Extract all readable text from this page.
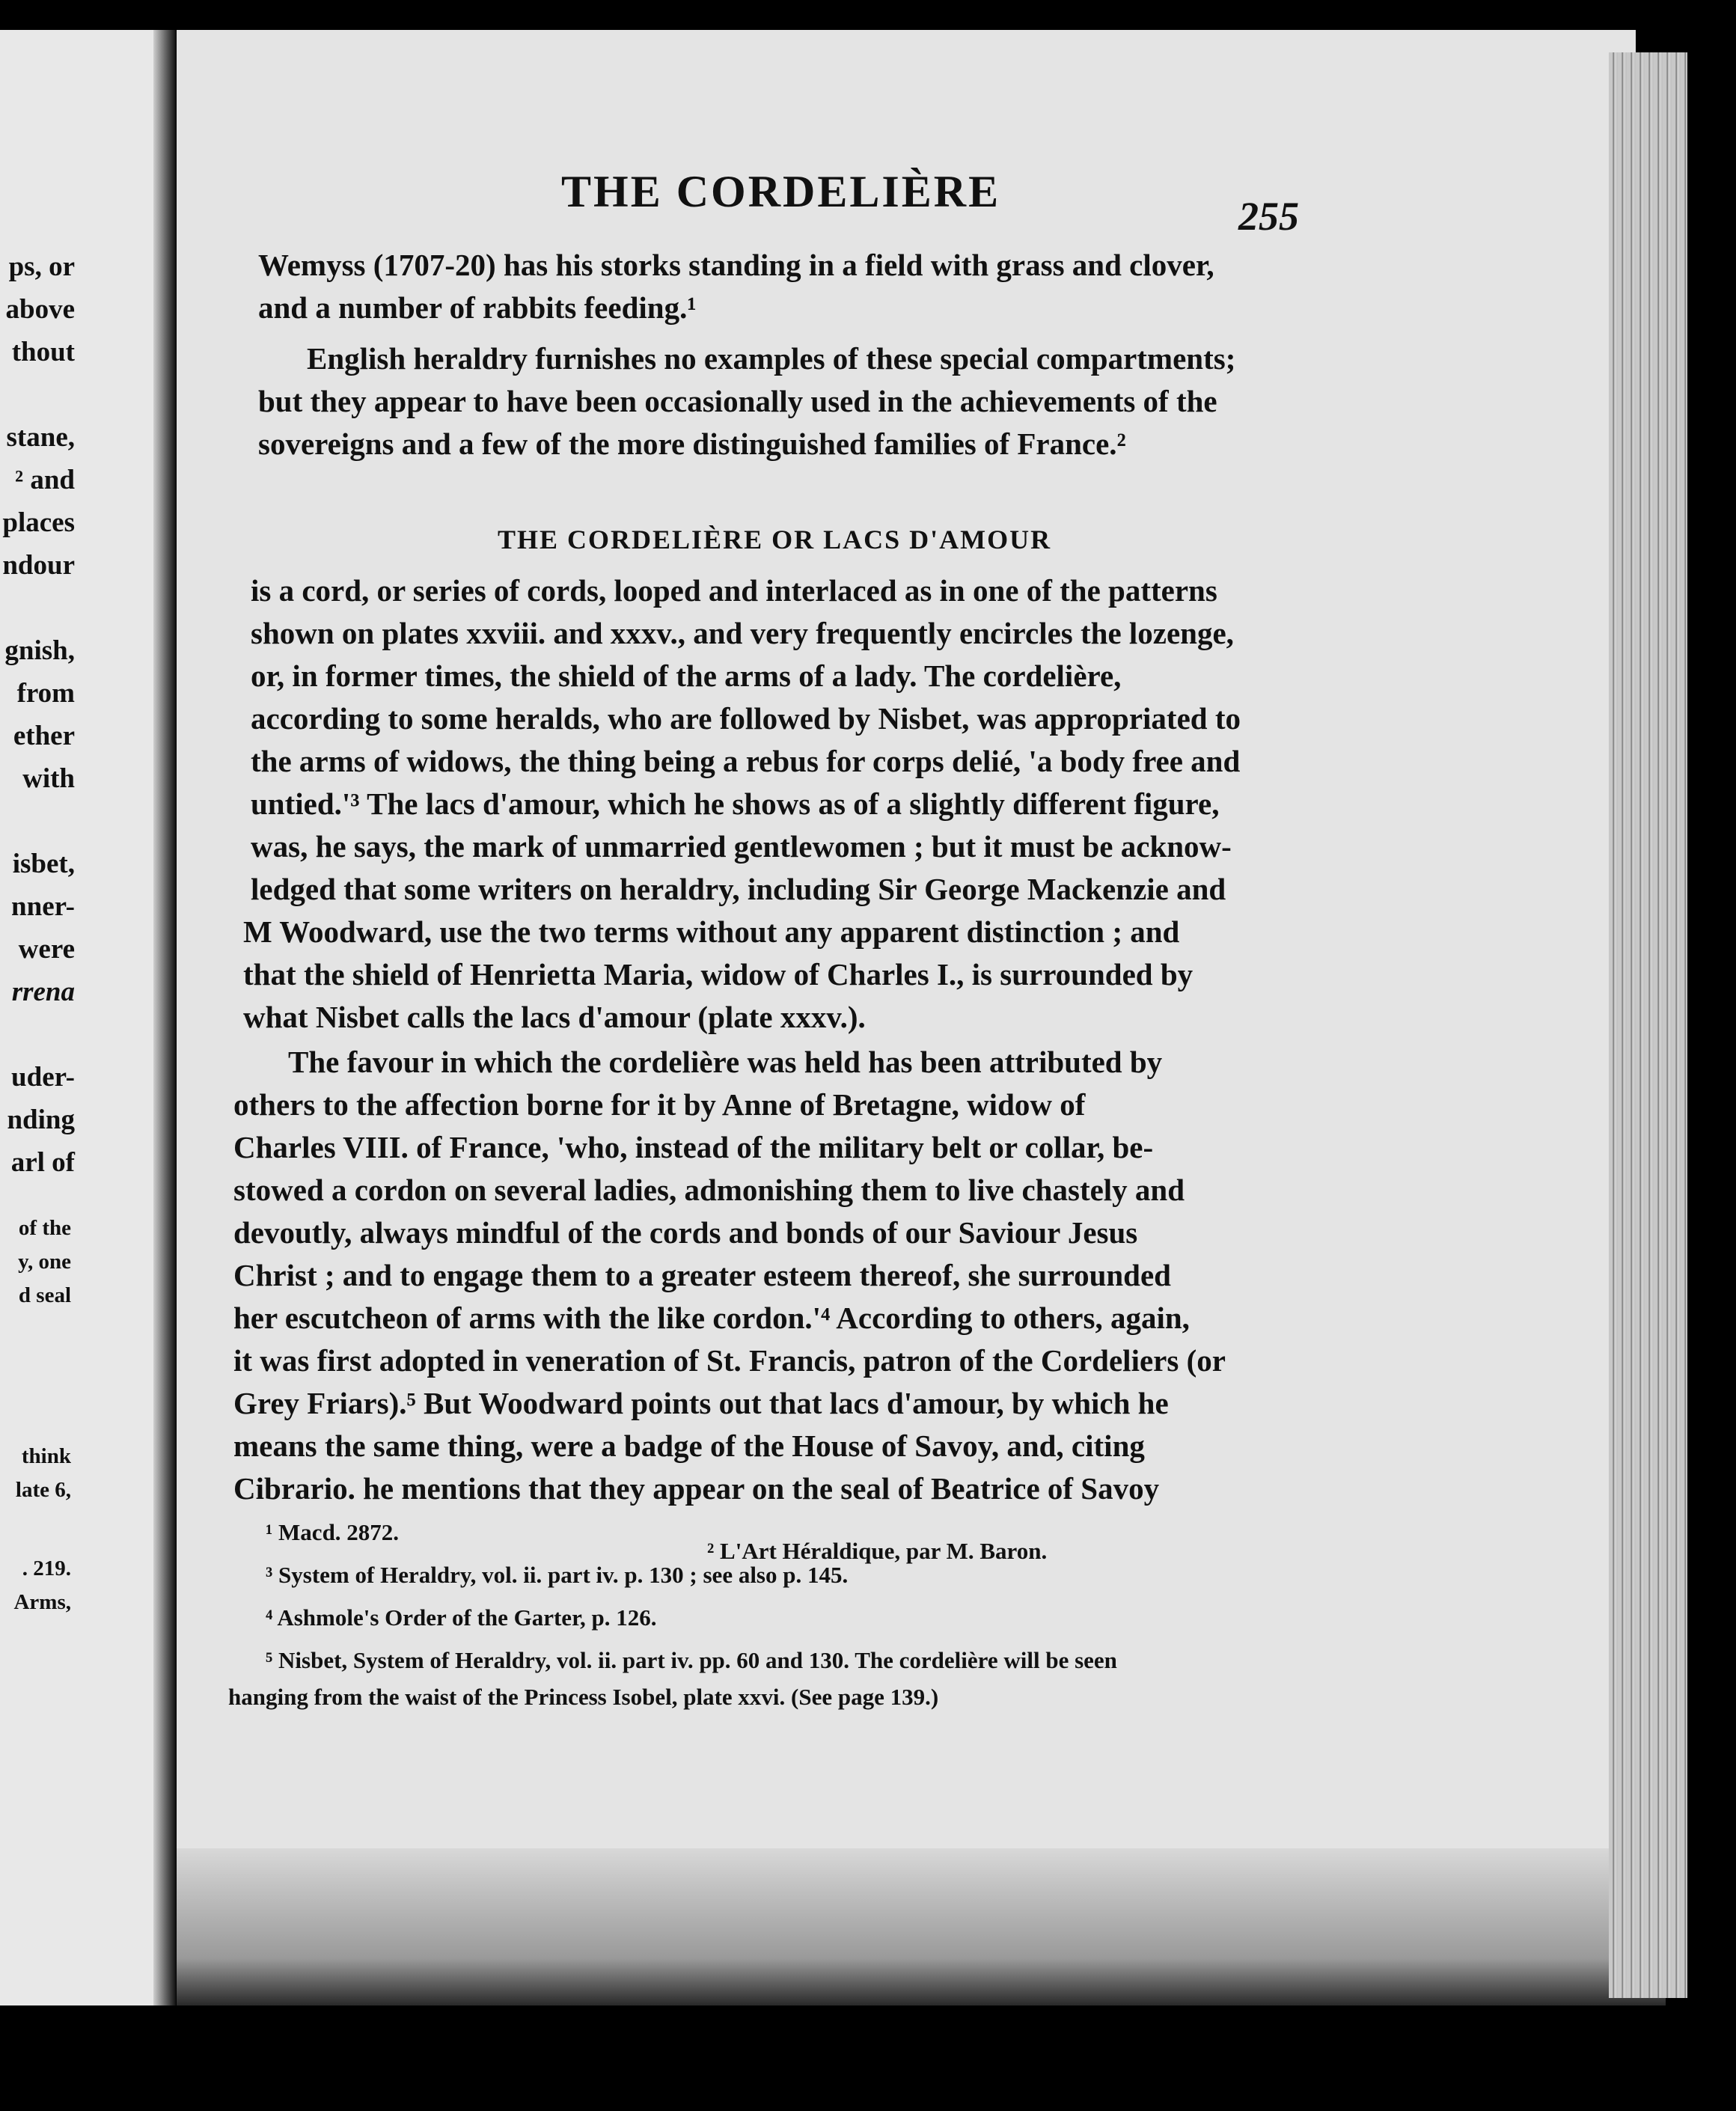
ps, or
above
thout
stane,
² and
places
ndour
gnish,
from
ether
with
isbet,
nner-
were
rrena
uder-
nding
arl of
of the
y, one
d seal
think
late 6,
. 219.
Arms,
THE CORDELIÈRE	255
Wemyss (1707-20) has his storks standing in a field with grass and clover,
and a number of rabbits feeding.¹
English heraldry furnishes no examples of these special compartments;
but they appear to have been occasionally used in the achievements of the
sovereigns and a few of the more distinguished families of France.²
THE CORDELIÈRE OR LACS D'AMOUR
is a cord, or series of cords, looped and interlaced as in one of the patterns
shown on plates xxviii. and xxxv., and very frequently encircles the lozenge,
or, in former times, the shield of the arms of a lady. The cordelière,
according to some heralds, who are followed by Nisbet, was appropriated to
the arms of widows, the thing being a rebus for corps delié, 'a body free and
untied.'³ The lacs d'amour, which he shows as of a slightly different figure,
was, he says, the mark of unmarried gentlewomen ; but it must be acknow-
ledged that some writers on heraldry, including Sir George Mackenzie and
M Woodward, use the two terms without any apparent distinction ; and
that the shield of Henrietta Maria, widow of Charles I., is surrounded by
what Nisbet calls the lacs d'amour (plate xxxv.).
The favour in which the cordelière was held has been attributed by
others to the affection borne for it by Anne of Bretagne, widow of
Charles VIII. of France, 'who, instead of the military belt or collar, be-
stowed a cordon on several ladies, admonishing them to live chastely and
devoutly, always mindful of the cords and bonds of our Saviour Jesus
Christ ; and to engage them to a greater esteem thereof, she surrounded
her escutcheon of arms with the like cordon.'⁴ According to others, again,
it was first adopted in veneration of St. Francis, patron of the Cordeliers (or
Grey Friars).⁵ But Woodward points out that lacs d'amour, by which he
means the same thing, were a badge of the House of Savoy, and, citing
Cibrario. he mentions that they appear on the seal of Beatrice of Savoy
¹ Macd. 2872.
² L'Art Héraldique, par M. Baron.
³ System of Heraldry, vol. ii. part iv. p. 130 ; see also p. 145.
⁴ Ashmole's Order of the Garter, p. 126.
⁵ Nisbet, System of Heraldry, vol. ii. part iv. pp. 60 and 130. The cordelière will be seen
hanging from the waist of the Princess Isobel, plate xxvi. (See page 139.)
